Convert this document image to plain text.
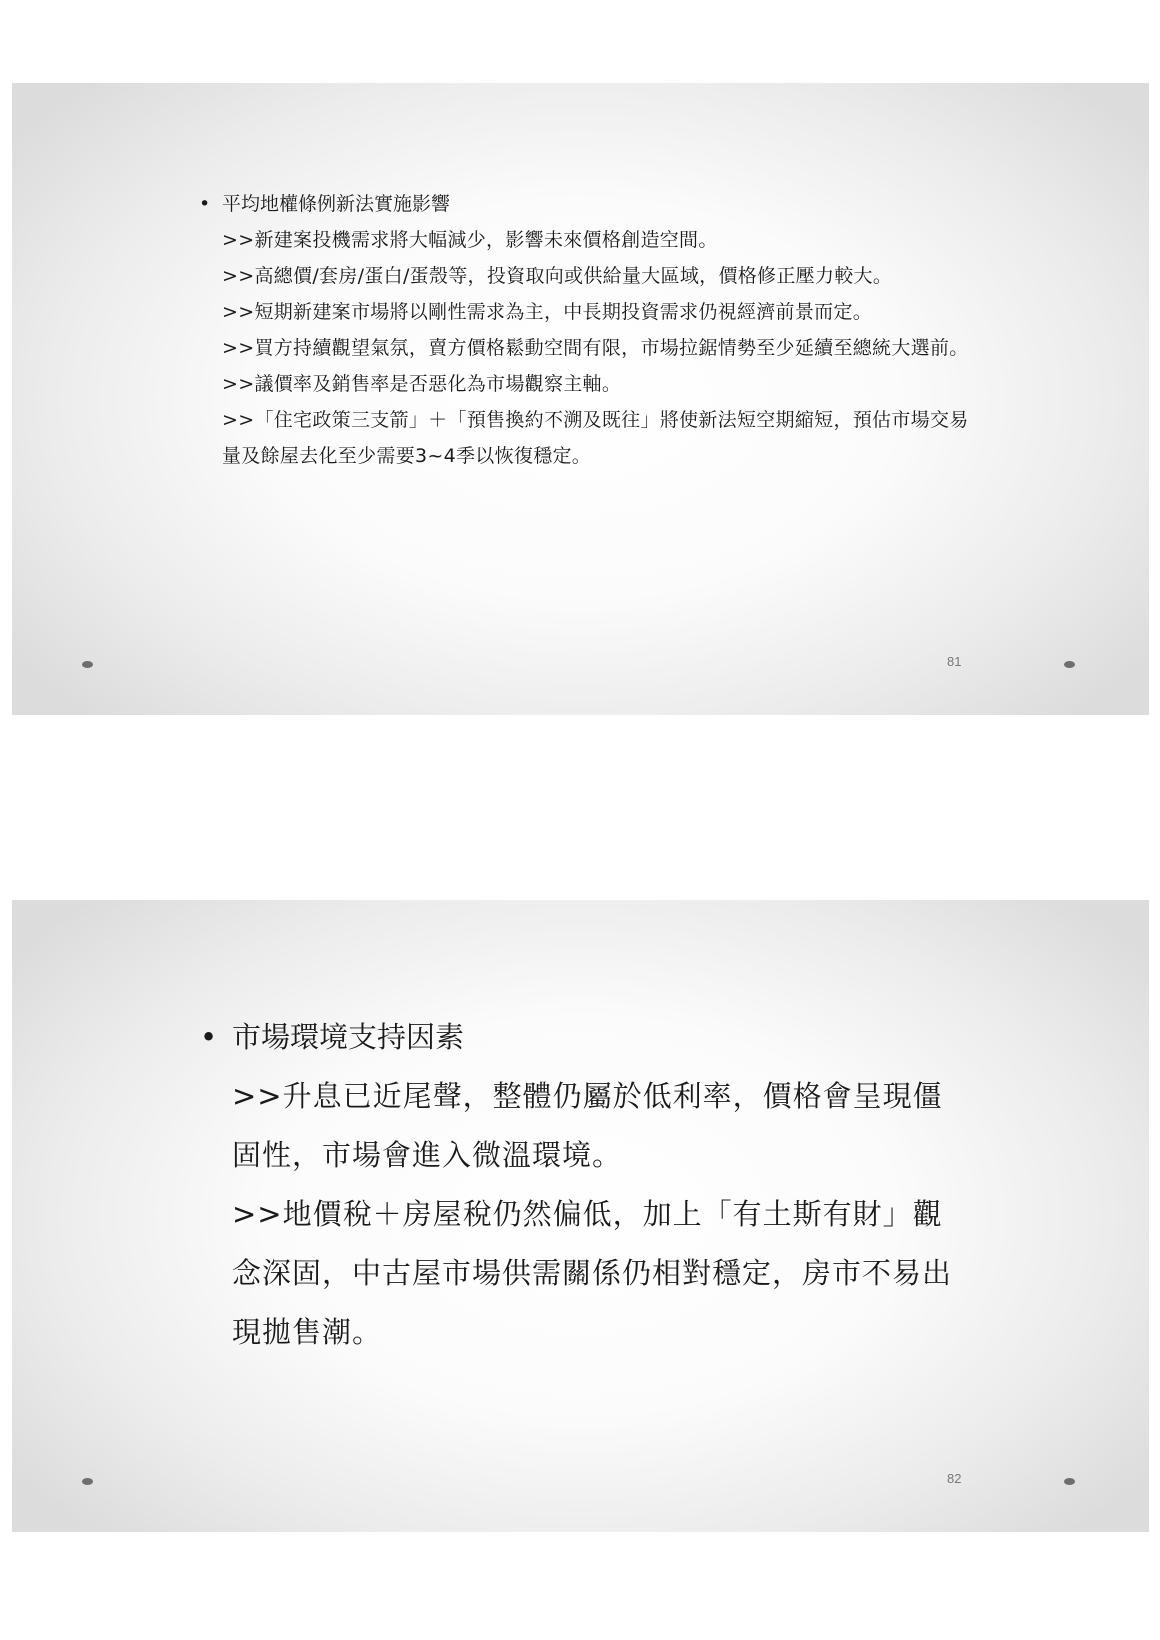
• 平均地權條例新法實施影響
>>新建案投機需求將大幅減少，影響未來價格創造空間。
>>高總價/套房/蛋白/蛋殼等，投資取向或供給量大區域，價格修正壓力較大。
>>短期新建案市場將以剛性需求為主，中長期投資需求仍視經濟前景而定。
>>買方持續觀望氣氛，賣方價格鬆動空間有限，市場拉鋸情勢至少延續至總統大選前。
>>議價率及銷售率是否惡化為市場觀察主軸。
>>「住宅政策三支箭」＋「預售換約不溯及既往」將使新法短空期縮短，預估市場交易量及餘屋去化至少需要3~4季以恢復穩定。
81
• 市場環境支持因素
>>升息已近尾聲，整體仍屬於低利率，價格會呈現僵固性，市場會進入微溫環境。
>>地價稅＋房屋稅仍然偏低，加上「有土斯有財」觀念深固，中古屋市場供需關係仍相對穩定，房市不易出現拋售潮。
82
